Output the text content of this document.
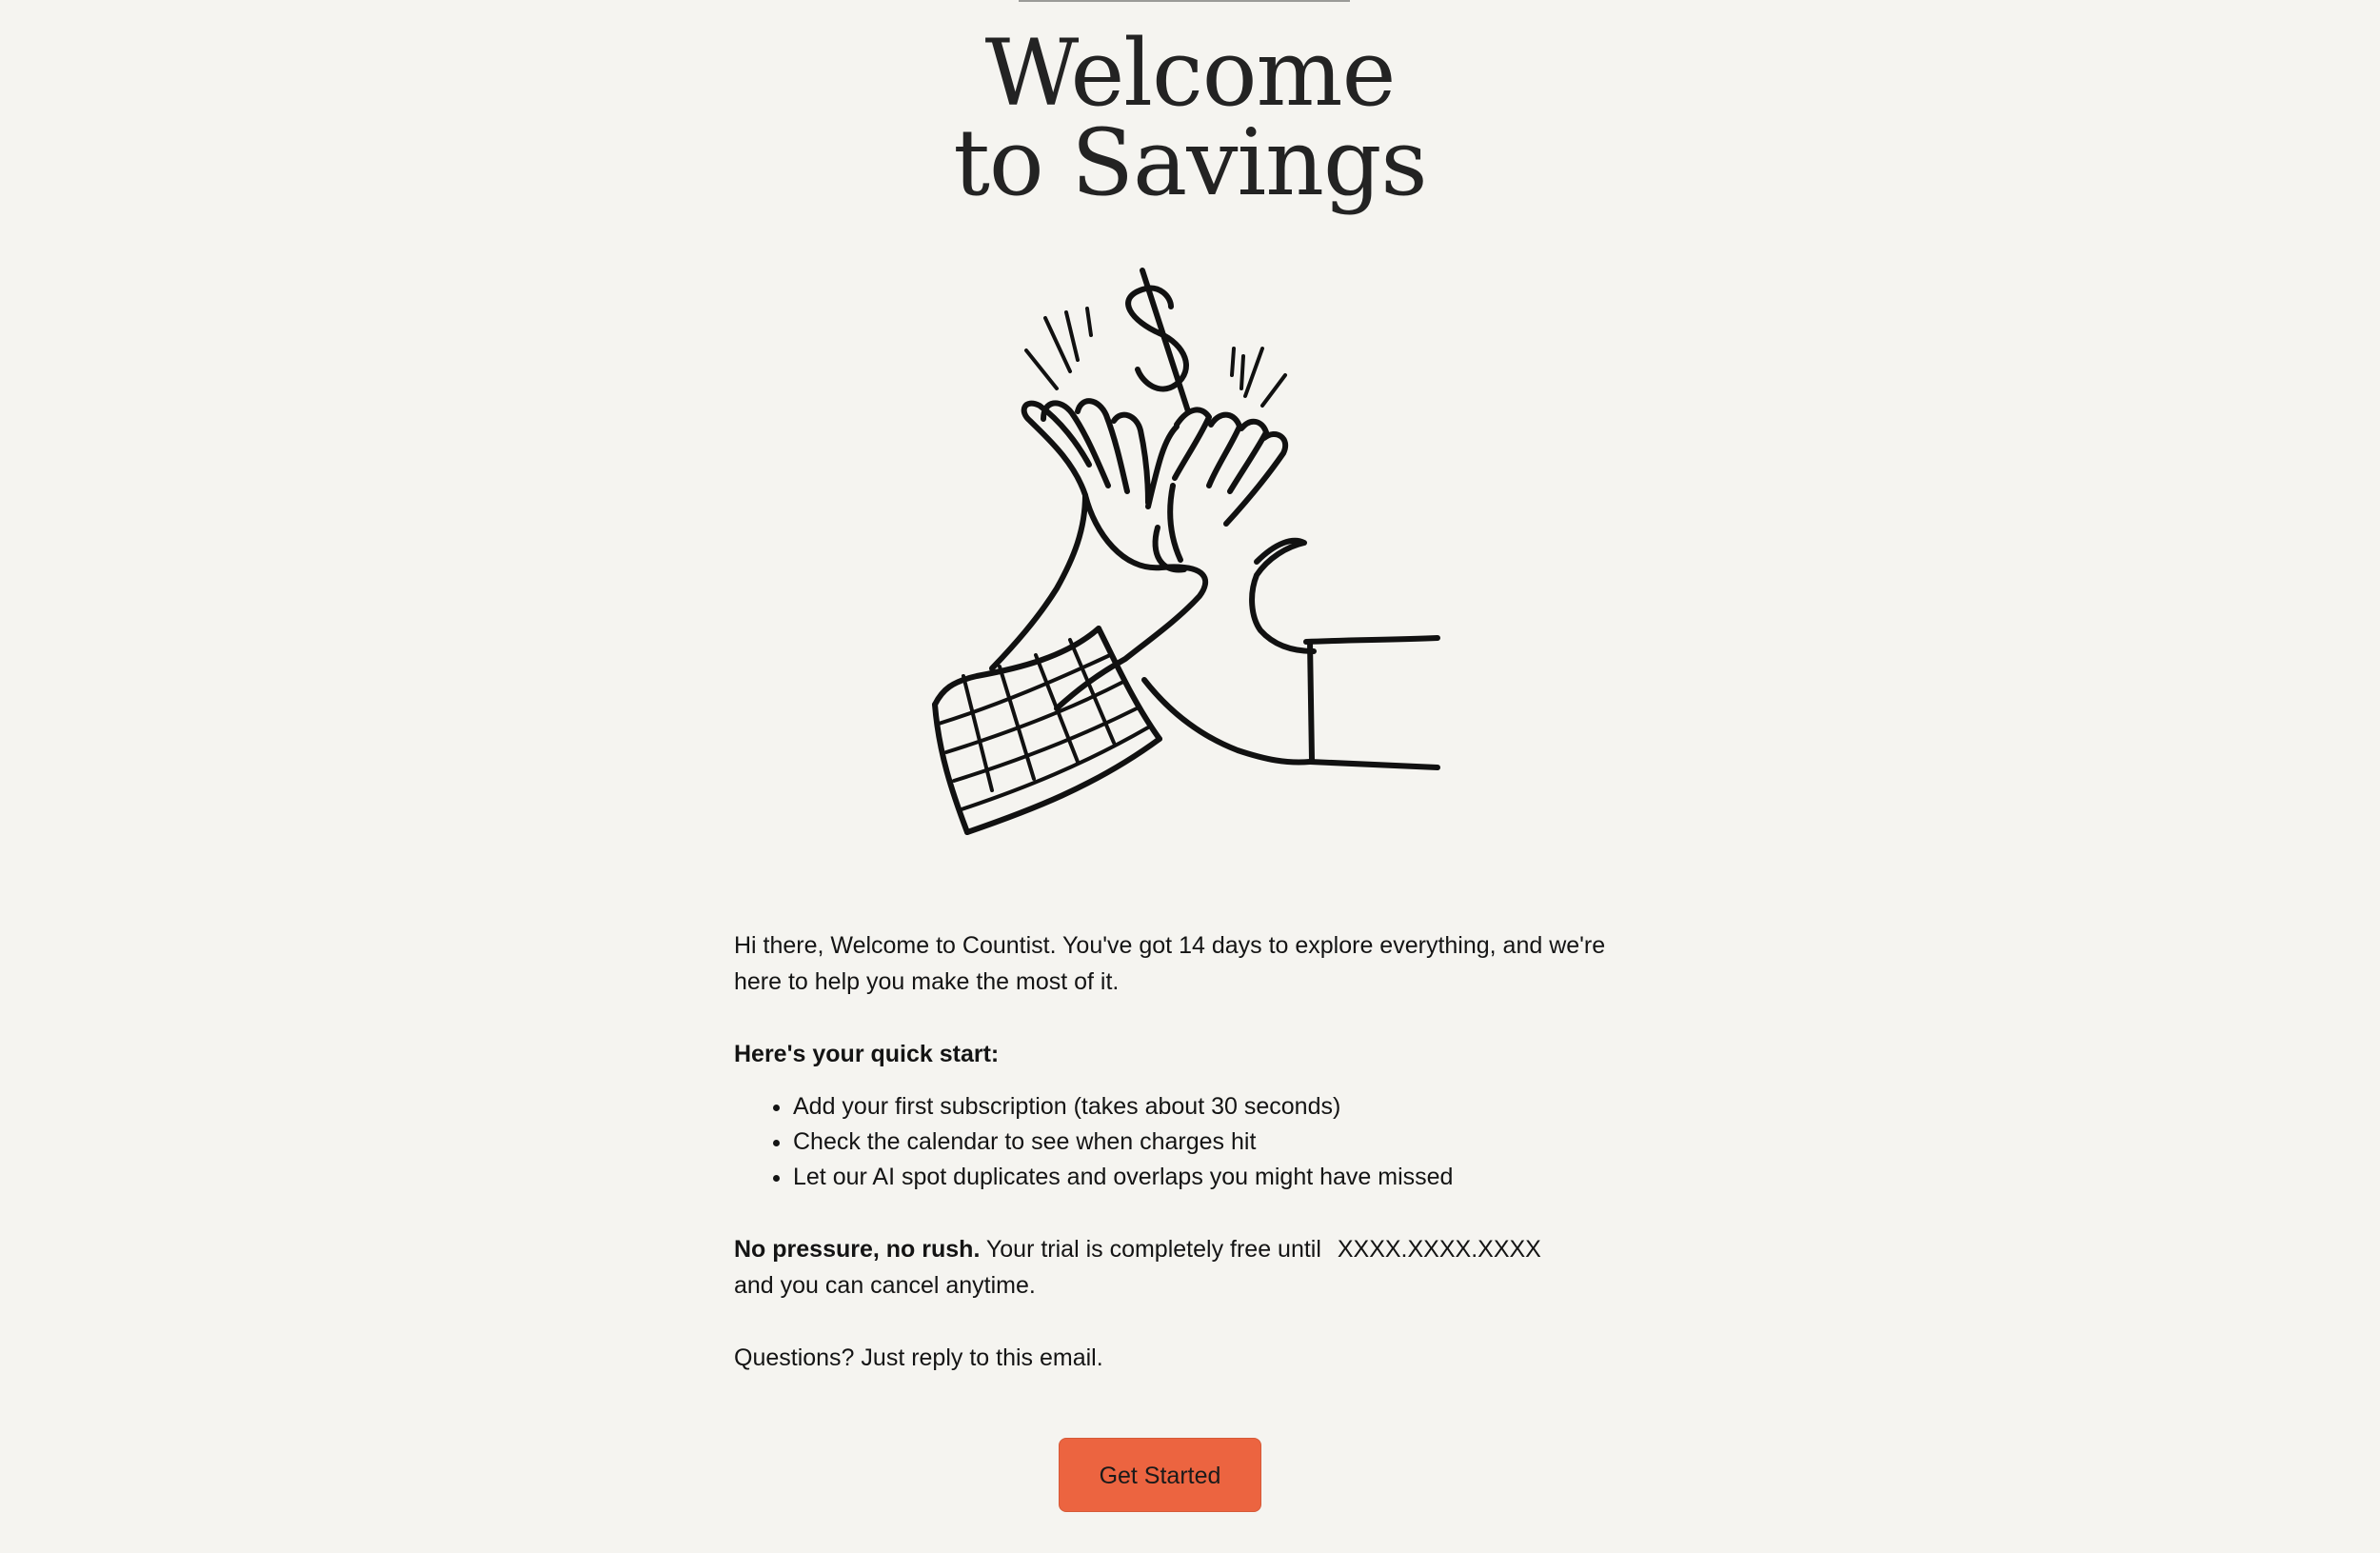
Welcome
to Savings

Hi there, Welcome to Countist. You've got 14 days to explore everything, and we're here to help you make the most of it.

Here's your quick start:

• Add your first subscription (takes about 30 seconds)
• Check the calendar to see when charges hit
• Let our AI spot duplicates and overlaps you might have missed

No pressure, no rush. Your trial is completely free until XXXX.XXXX.XXXX
and you can cancel anytime.

Questions? Just reply to this email.

Get Started
